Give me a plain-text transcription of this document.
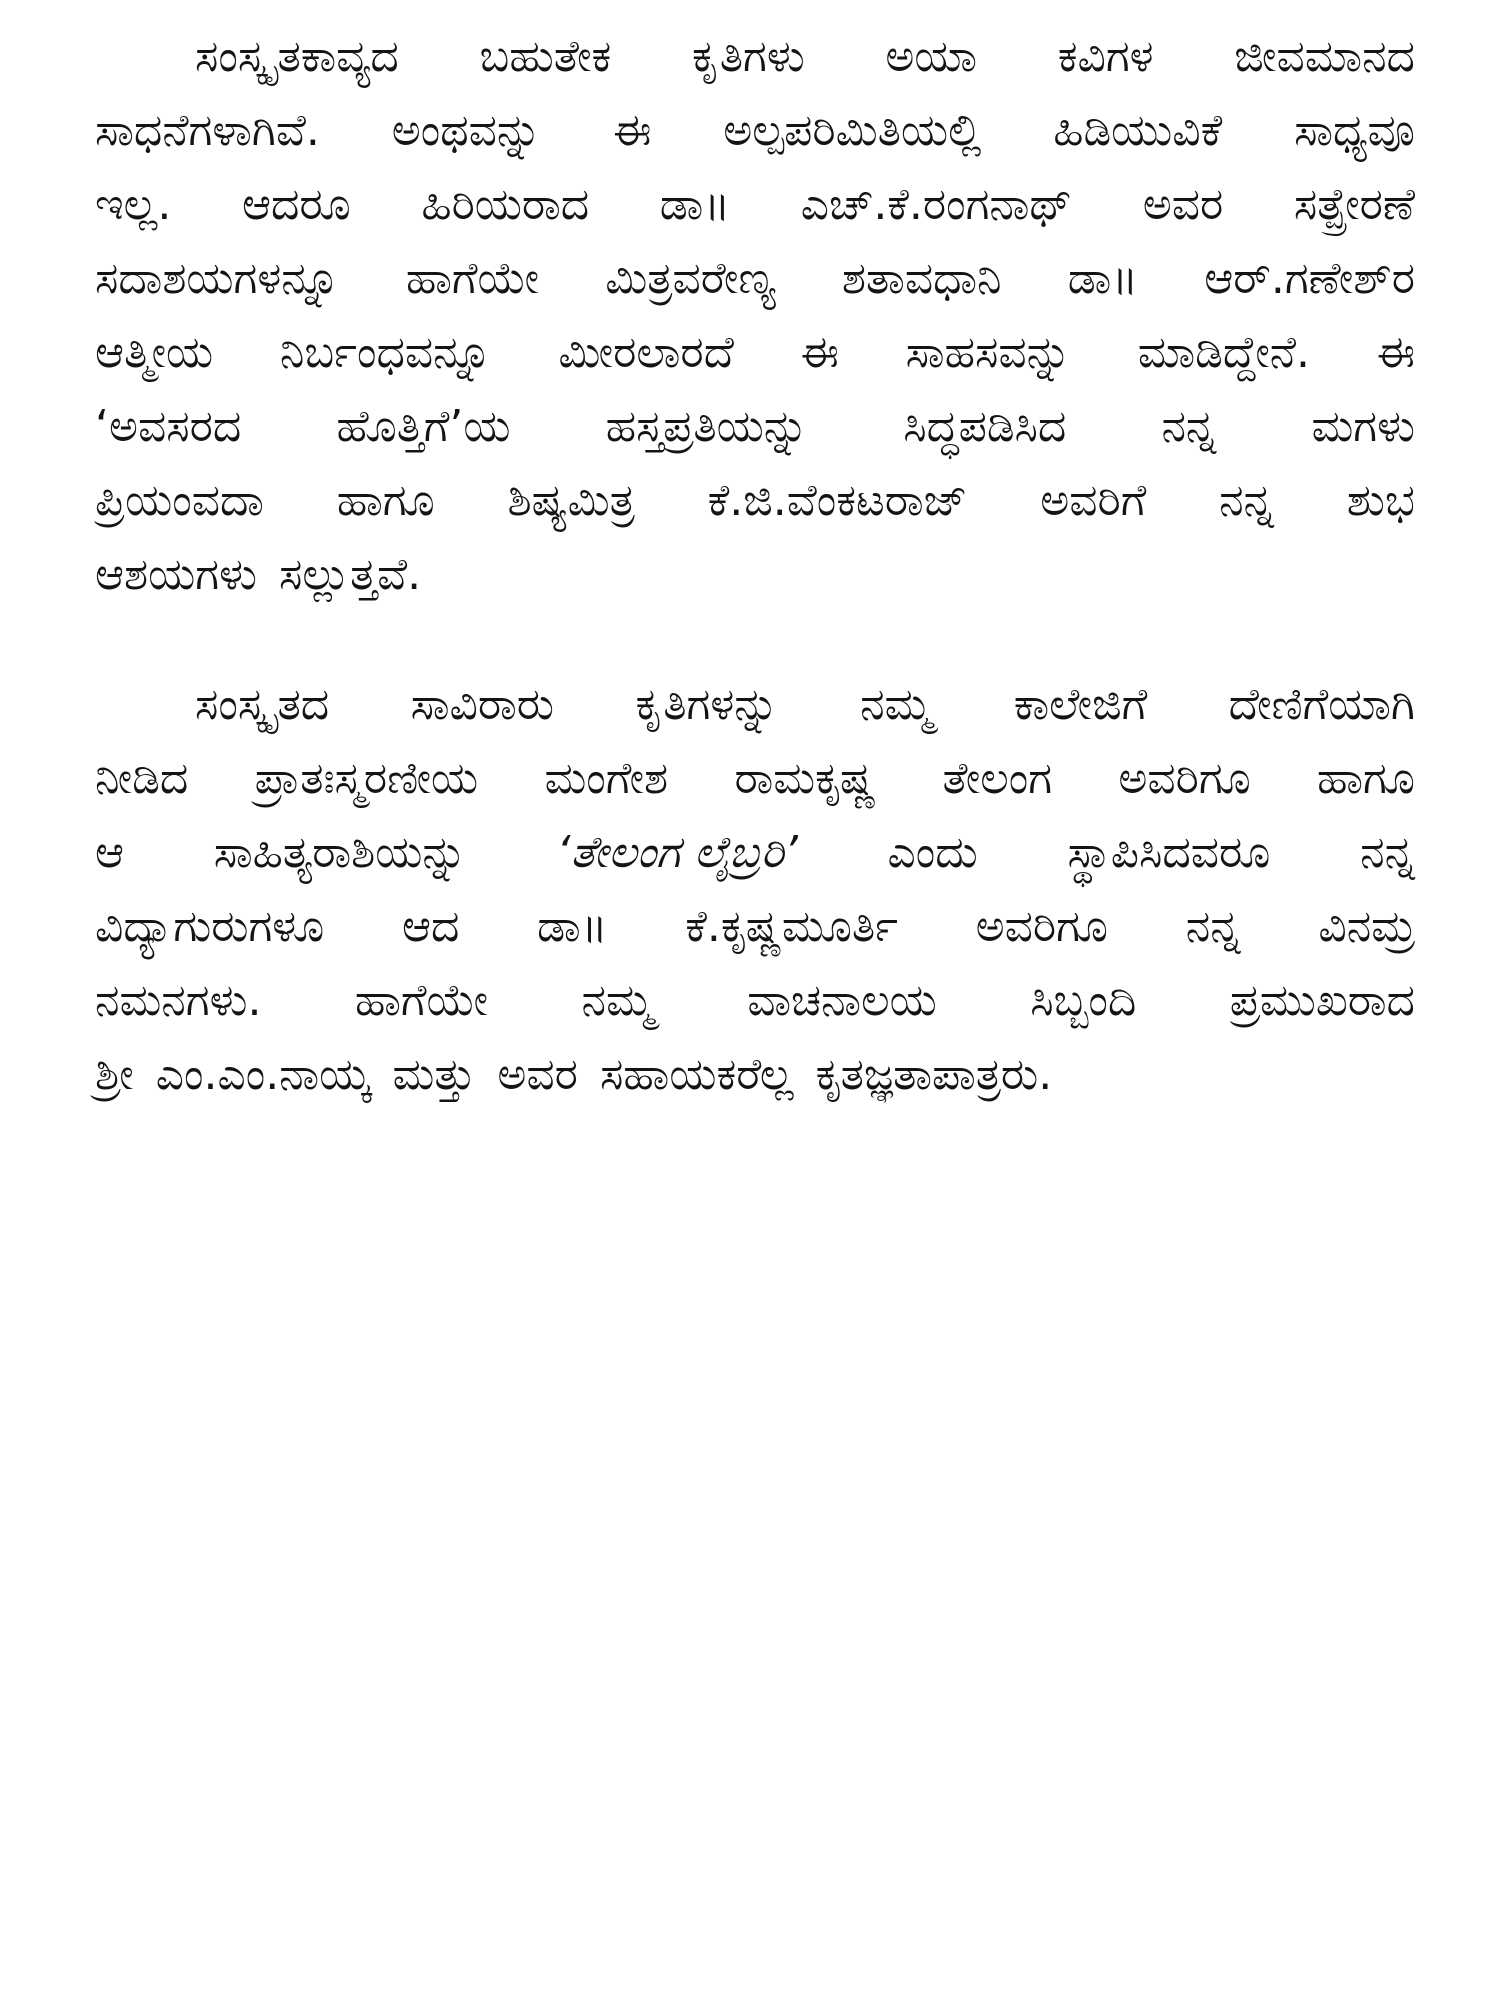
ಸಂಸ್ಕೃತಕಾವ್ಯದ ಬಹುತೇಕ ಕೃತಿಗಳು ಅಯಾ ಕವಿಗಳ ಜೀವಮಾನದ
ಸಾಧನೆಗಳಾಗಿವೆ. ಅಂಥವನ್ನು ಈ ಅಲ್ಪಪರಿಮಿತಿಯಲ್ಲಿ ಹಿಡಿಯುವಿಕೆ ಸಾಧ್ಯವೂ
ಇಲ್ಲ. ಆದರೂ ಹಿರಿಯರಾದ ಡಾ॥ ಎಚ್.ಕೆ.ರಂಗನಾಥ್ ಅವರ ಸತ್ಪ್ರೇರಣೆ
ಸದಾಶಯಗಳನ್ನೂ ಹಾಗೆಯೇ ಮಿತ್ರವರೇಣ್ಯ ಶತಾವಧಾನಿ ಡಾ॥ ಆರ್.ಗಣೇಶ್‌ರ
ಆತ್ಮೀಯ ನಿರ್ಬಂಧವನ್ನೂ ಮೀರಲಾರದೆ ಈ ಸಾಹಸವನ್ನು ಮಾಡಿದ್ದೇನೆ. ಈ
‘ಅವಸರದ ಹೊತ್ತಿಗೆ’ಯ ಹಸ್ತಪ್ರತಿಯನ್ನು ಸಿದ್ಧಪಡಿಸಿದ ನನ್ನ ಮಗಳು
ಪ್ರಿಯಂವದಾ ಹಾಗೂ ಶಿಷ್ಯಮಿತ್ರ ಕೆ.ಜಿ.ವೆಂಕಟರಾಜ್ ಅವರಿಗೆ ನನ್ನ ಶುಭ
ಆಶಯಗಳು ಸಲ್ಲುತ್ತವೆ.
ಸಂಸ್ಕೃತದ ಸಾವಿರಾರು ಕೃತಿಗಳನ್ನು ನಮ್ಮ ಕಾಲೇಜಿಗೆ ದೇಣಿಗೆಯಾಗಿ
ನೀಡಿದ ಪ್ರಾತಃಸ್ಮರಣೀಯ ಮಂಗೇಶ ರಾಮಕೃಷ್ಣ ತೇಲಂಗ ಅವರಿಗೂ ಹಾಗೂ
ಆ ಸಾಹಿತ್ಯರಾಶಿಯನ್ನು ‘ತೇಲಂಗ ಲೈಬ್ರರಿ’ ಎಂದು ಸ್ಥಾಪಿಸಿದವರೂ ನನ್ನ
ವಿದ್ಯಾಗುರುಗಳೂ ಆದ ಡಾ॥ ಕೆ.ಕೃಷ್ಣಮೂರ್ತಿ ಅವರಿಗೂ ನನ್ನ ವಿನಮ್ರ
ನಮನಗಳು. ಹಾಗೆಯೇ ನಮ್ಮ ವಾಚನಾಲಯ ಸಿಬ್ಬಂದಿ ಪ್ರಮುಖರಾದ
ಶ್ರೀ ಎಂ.ಎಂ.ನಾಯ್ಕ ಮತ್ತು ಅವರ ಸಹಾಯಕರೆಲ್ಲ ಕೃತಜ್ಞತಾಪಾತ್ರರು.
